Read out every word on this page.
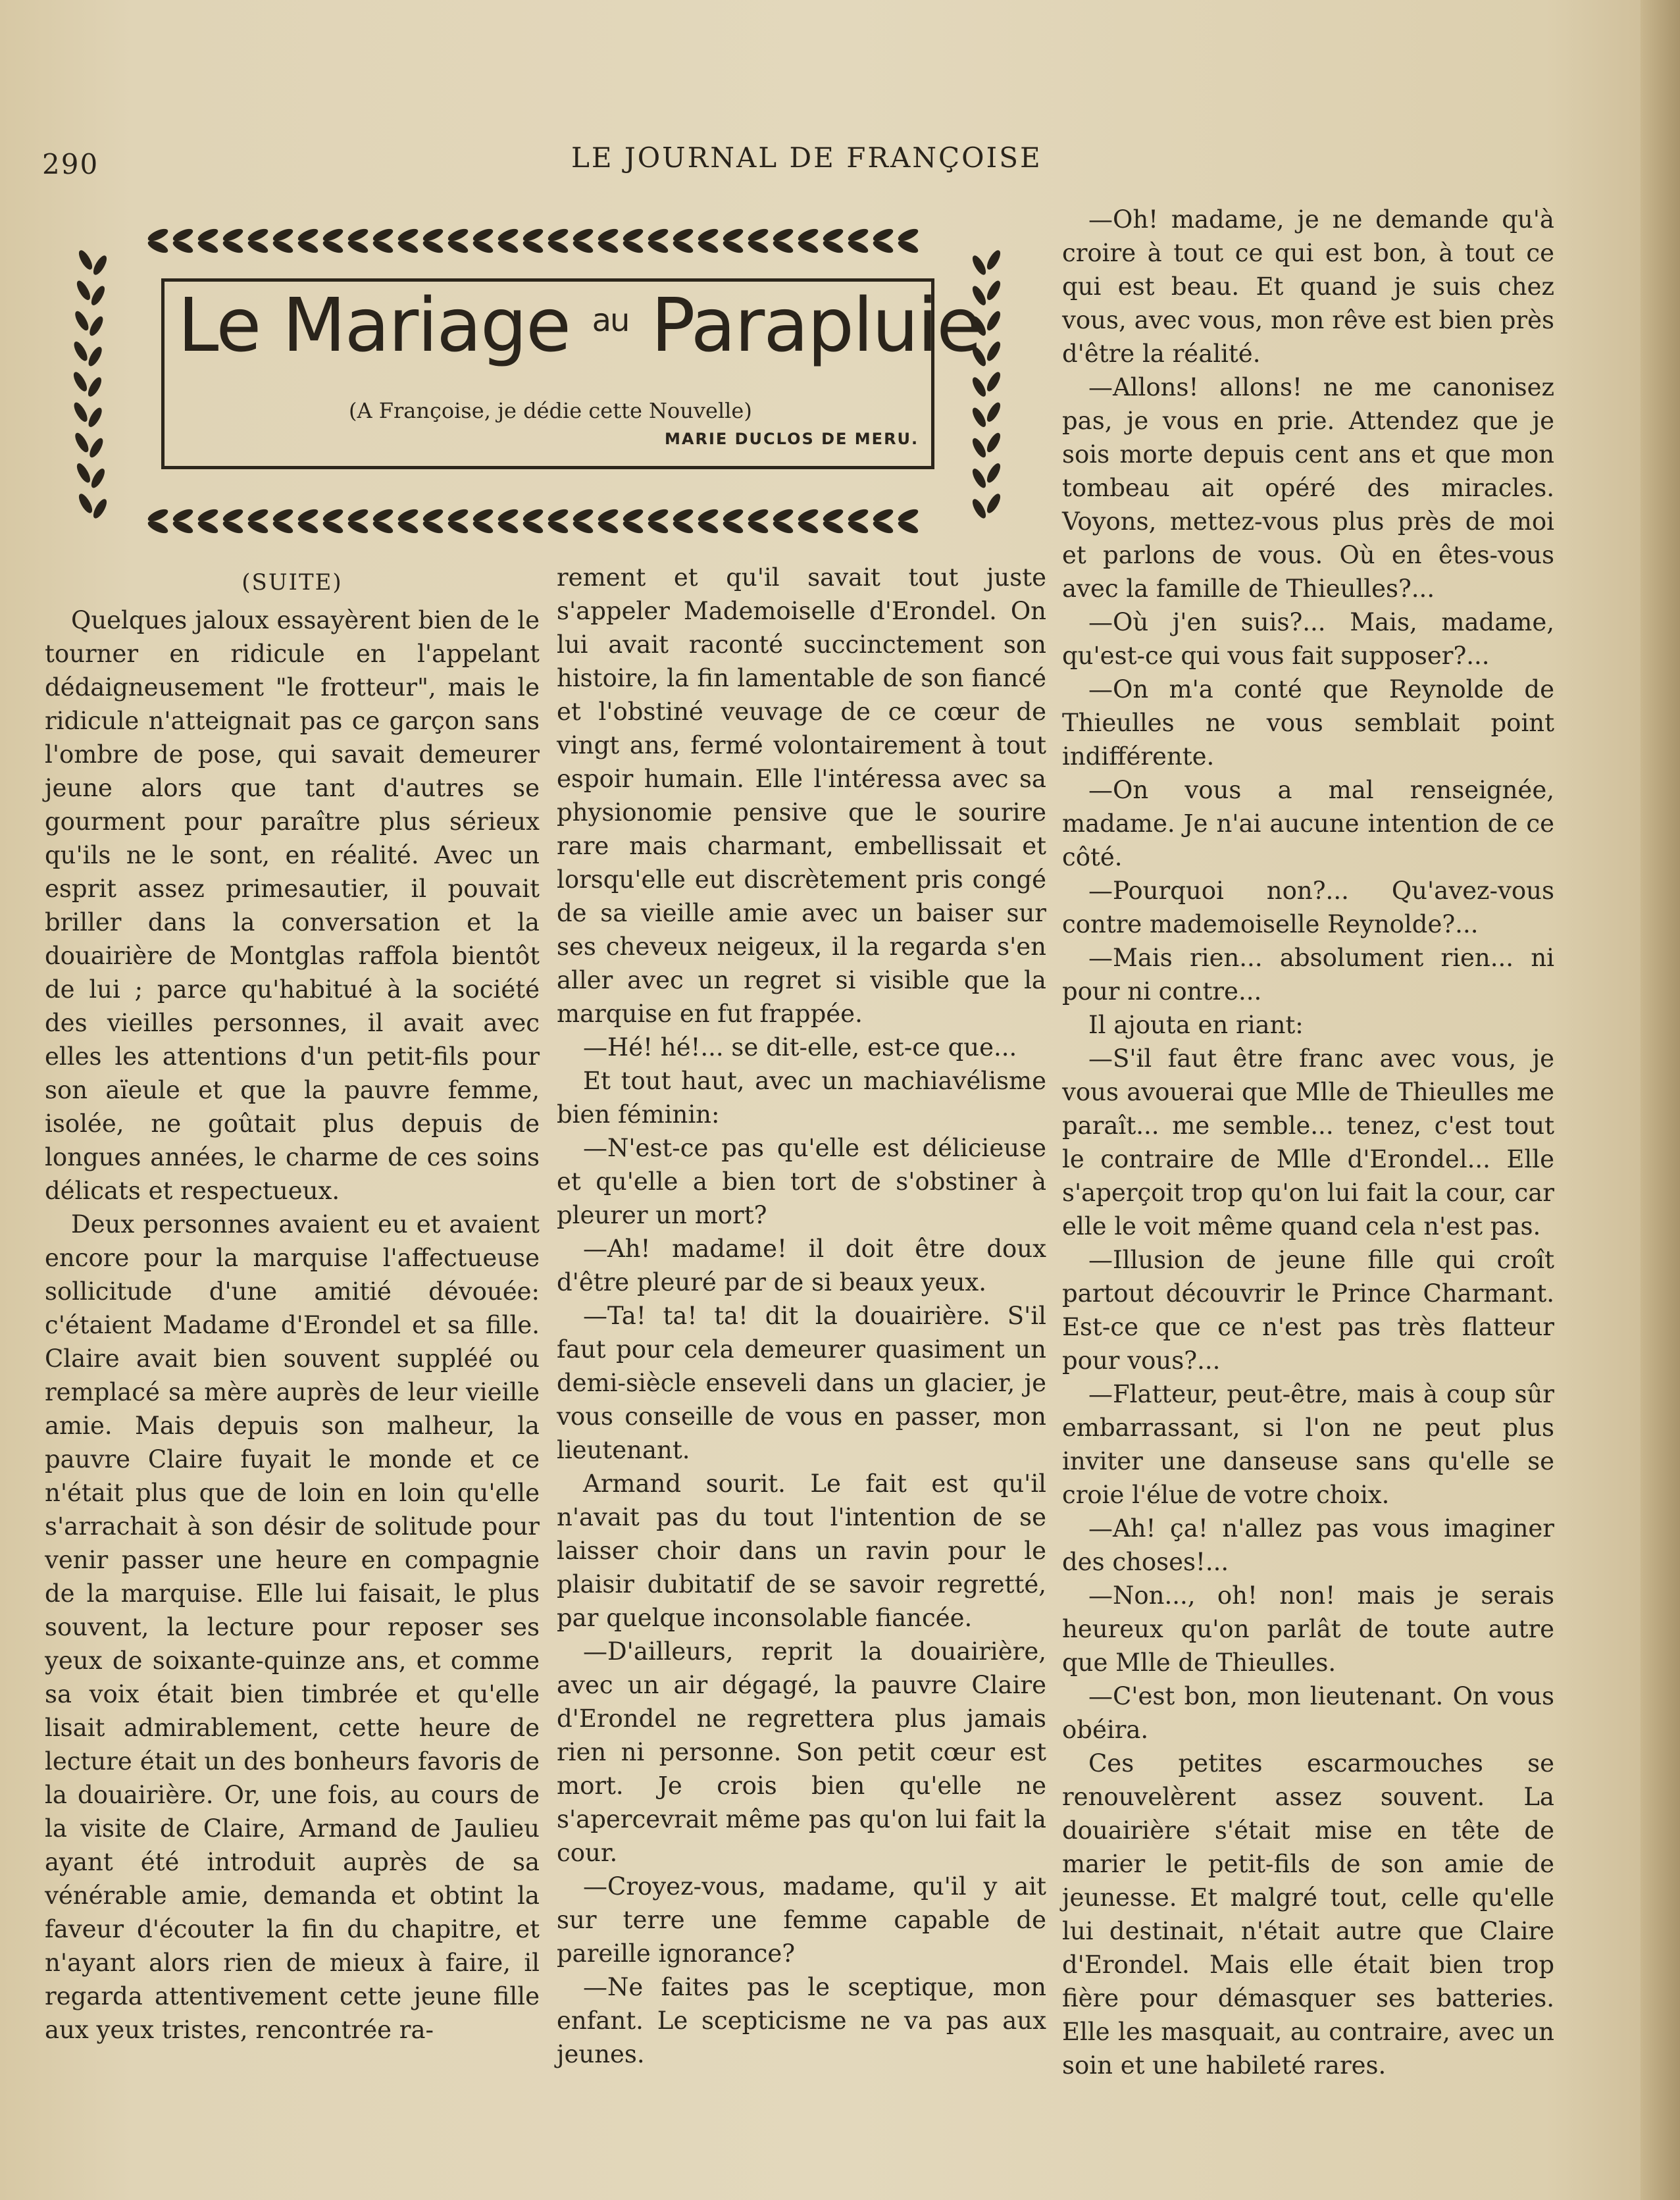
290	LE JOURNAL DE FRANÇOISE
Le Mariage $^{au}$ Parapluie
(A Françoise, je dédie cette Nouvelle)
MARIE DUCLOS DE MERU.
(SUITE)

Quelques jaloux essayèrent bien de le tourner en ridicule en l'appelant dédaigneusement "le frotteur", mais le ridicule n'atteignait pas ce garçon sans l'ombre de pose, qui savait demeurer jeune alors que tant d'autres se gourment pour paraître plus sérieux qu'ils ne le sont, en réalité. Avec un esprit assez primesautier, il pouvait briller dans la conversation et la douairière de Montglas raffola bientôt de lui ; parce qu'habitué à la société des vieilles personnes, il avait avec elles les attentions d'un petit-fils pour son aïeule et que la pauvre femme, isolée, ne goûtait plus depuis de longues années, le charme de ces soins délicats et respectueux.

Deux personnes avaient eu et avaient encore pour la marquise l'affectueuse sollicitude d'une amitié dévouée: c'étaient Madame d'Erondel et sa fille. Claire avait bien souvent suppléé ou remplacé sa mère auprès de leur vieille amie. Mais depuis son malheur, la pauvre Claire fuyait le monde et ce n'était plus que de loin en loin qu'elle s'arrachait à son désir de solitude pour venir passer une heure en compagnie de la marquise. Elle lui faisait, le plus souvent, la lecture pour reposer ses yeux de soixante-quinze ans, et comme sa voix était bien timbrée et qu'elle lisait admirablement, cette heure de lecture était un des bonheurs favoris de la douairière. Or, une fois, au cours de la visite de Claire, Armand de Jaulieu ayant été introduit auprès de sa vénérable amie, demanda et obtint la faveur d'écouter la fin du chapitre, et n'ayant alors rien de mieux à faire, il regarda attentivement cette jeune fille aux yeux tristes, rencontrée ra-

rement et qu'il savait tout juste s'appeler Mademoiselle d'Erondel. On lui avait raconté succinctement son histoire, la fin lamentable de son fiancé et l'obstiné veuvage de ce cœur de vingt ans, fermé volontairement à tout espoir humain. Elle l'intéressa avec sa physionomie pensive que le sourire rare mais charmant, embellissait et lorsqu'elle eut discrètement pris congé de sa vieille amie avec un baiser sur ses cheveux neigeux, il la regarda s'en aller avec un regret si visible que la marquise en fut frappée.

—Hé! hé!... se dit-elle, est-ce que...

Et tout haut, avec un machiavélisme bien féminin:

—N'est-ce pas qu'elle est délicieuse et qu'elle a bien tort de s'obstiner à pleurer un mort?

—Ah! madame! il doit être doux d'être pleuré par de si beaux yeux.

—Ta! ta! ta! dit la douairière. S'il faut pour cela demeurer quasiment un demi-siècle enseveli dans un glacier, je vous conseille de vous en passer, mon lieutenant.

Armand sourit. Le fait est qu'il n'avait pas du tout l'intention de se laisser choir dans un ravin pour le plaisir dubitatif de se savoir regretté, par quelque inconsolable fiancée.

—D'ailleurs, reprit la douairière, avec un air dégagé, la pauvre Claire d'Erondel ne regrettera plus jamais rien ni personne. Son petit cœur est mort. Je crois bien qu'elle ne s'apercevrait même pas qu'on lui fait la cour.

—Croyez-vous, madame, qu'il y ait sur terre une femme capable de pareille ignorance?

—Ne faites pas le sceptique, mon enfant. Le scepticisme ne va pas aux jeunes.

—Oh! madame, je ne demande qu'à croire à tout ce qui est bon, à tout ce qui est beau. Et quand je suis chez vous, avec vous, mon rêve est bien près d'être la réalité.

—Allons! allons! ne me canonisez pas, je vous en prie. Attendez que je sois morte depuis cent ans et que mon tombeau ait opéré des miracles. Voyons, mettez-vous plus près de moi et parlons de vous. Où en êtes-vous avec la famille de Thieulles?...

—Où j'en suis?... Mais, madame, qu'est-ce qui vous fait supposer?...

—On m'a conté que Reynolde de Thieulles ne vous semblait point indifférente.

—On vous a mal renseignée, madame. Je n'ai aucune intention de ce côté.

—Pourquoi non?... Qu'avez-vous contre mademoiselle Reynolde?...

—Mais rien... absolument rien... ni pour ni contre...

Il ajouta en riant:

—S'il faut être franc avec vous, je vous avouerai que Mlle de Thieulles me paraît... me semble... tenez, c'est tout le contraire de Mlle d'Erondel... Elle s'aperçoit trop qu'on lui fait la cour, car elle le voit même quand cela n'est pas.

—Illusion de jeune fille qui croît partout découvrir le Prince Charmant. Est-ce que ce n'est pas très flatteur pour vous?...

—Flatteur, peut-être, mais à coup sûr embarrassant, si l'on ne peut plus inviter une danseuse sans qu'elle se croie l'élue de votre choix.

—Ah! ça! n'allez pas vous imaginer des choses!...

—Non..., oh! non! mais je serais heureux qu'on parlât de toute autre que Mlle de Thieulles.

—C'est bon, mon lieutenant. On vous obéira.

Ces petites escarmouches se renouvelèrent assez souvent. La douairière s'était mise en tête de marier le petit-fils de son amie de jeunesse. Et malgré tout, celle qu'elle lui destinait, n'était autre que Claire d'Erondel. Mais elle était bien trop fière pour démasquer ses batteries. Elle les masquait, au contraire, avec un soin et une habileté rares.
